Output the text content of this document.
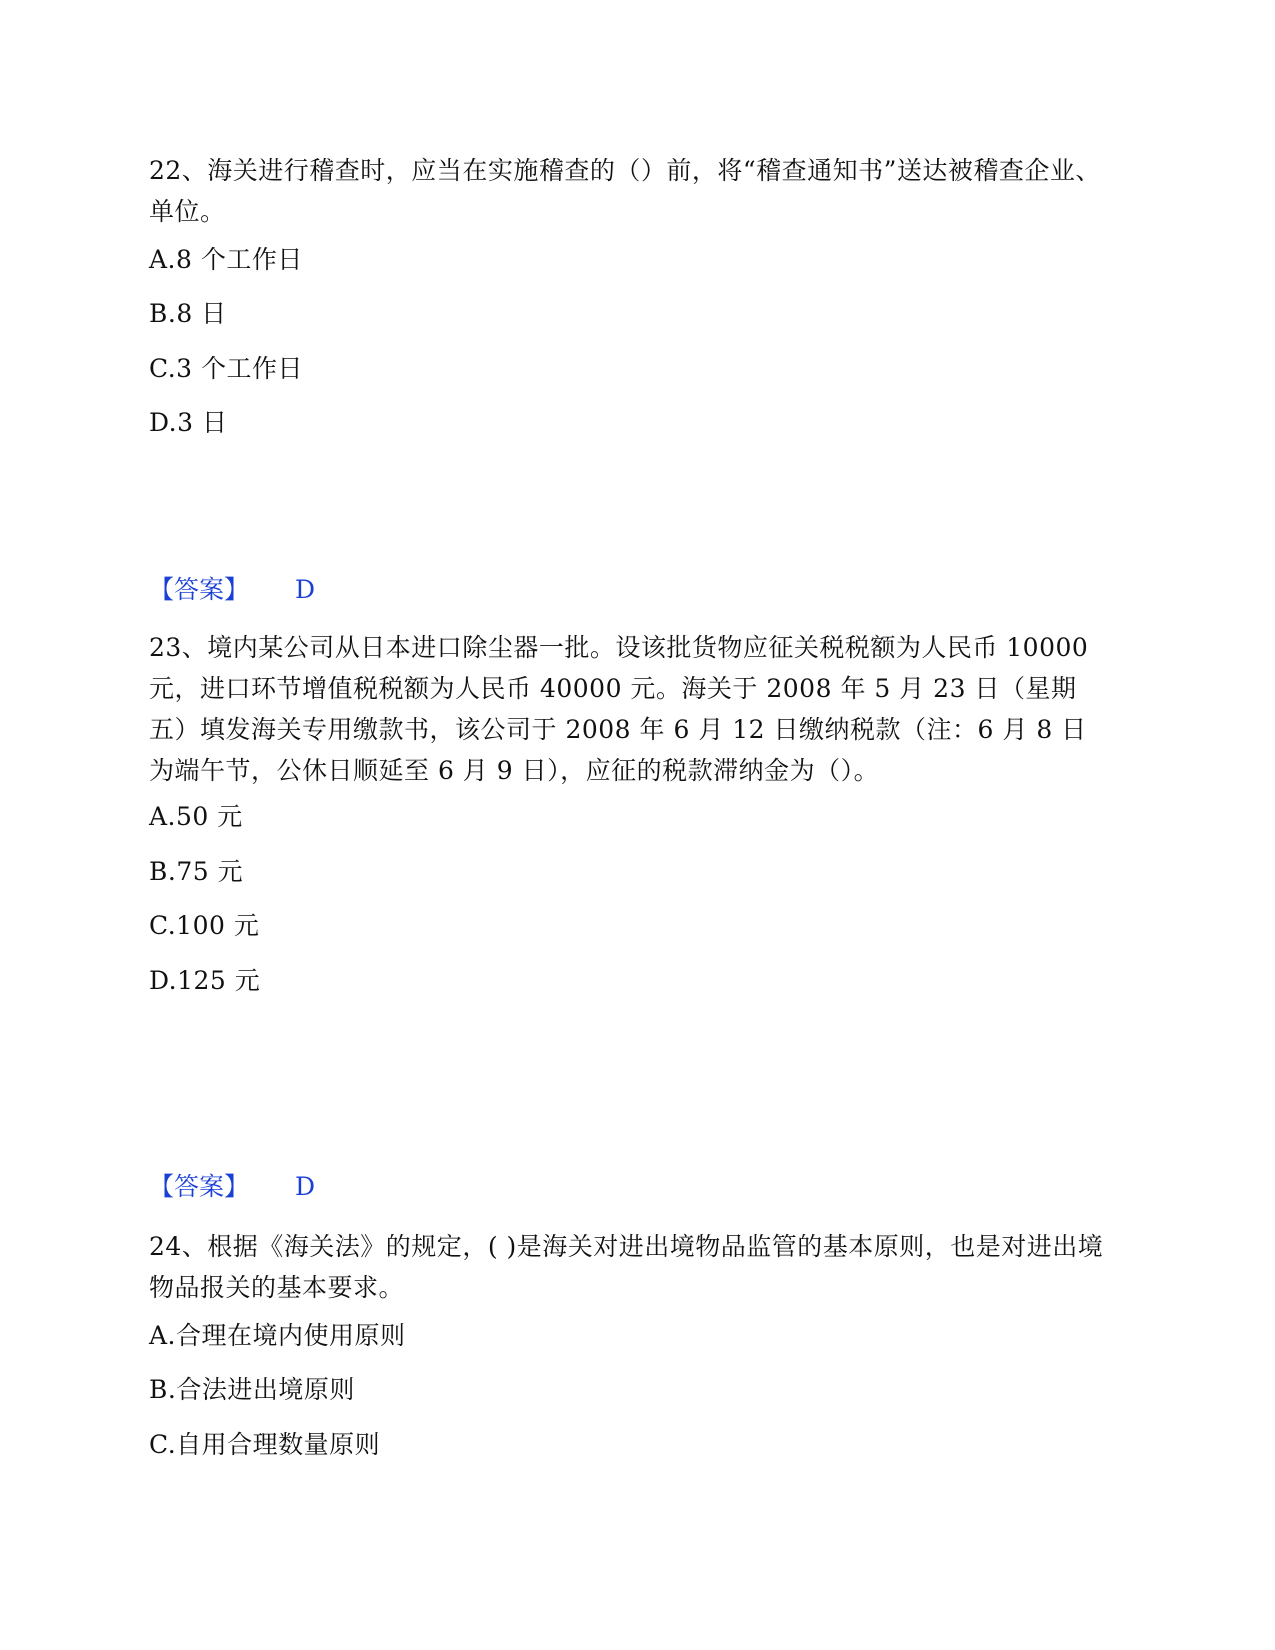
22、海关进行稽查时，应当在实施稽查的（）前，将“稽查通知书”送达被稽查企业、单位。

A.8 个工作日

B.8 日

C.3 个工作日

D.3 日

【答案】 D

23、境内某公司从日本进口除尘器一批。设该批货物应征关税税额为人民币 10000 元，进口环节增值税税额为人民币 40000 元。海关于 2008 年 5 月 23 日（星期五）填发海关专用缴款书，该公司于 2008 年 6 月 12 日缴纳税款（注：6 月 8 日为端午节，公休日顺延至 6 月 9 日），应征的税款滞纳金为（）。

A.50 元

B.75 元

C.100 元

D.125 元

【答案】 D

24、根据《海关法》的规定，( )是海关对进出境物品监管的基本原则，也是对进出境物品报关的基本要求。

A.合理在境内使用原则

B.合法进出境原则

C.自用合理数量原则
